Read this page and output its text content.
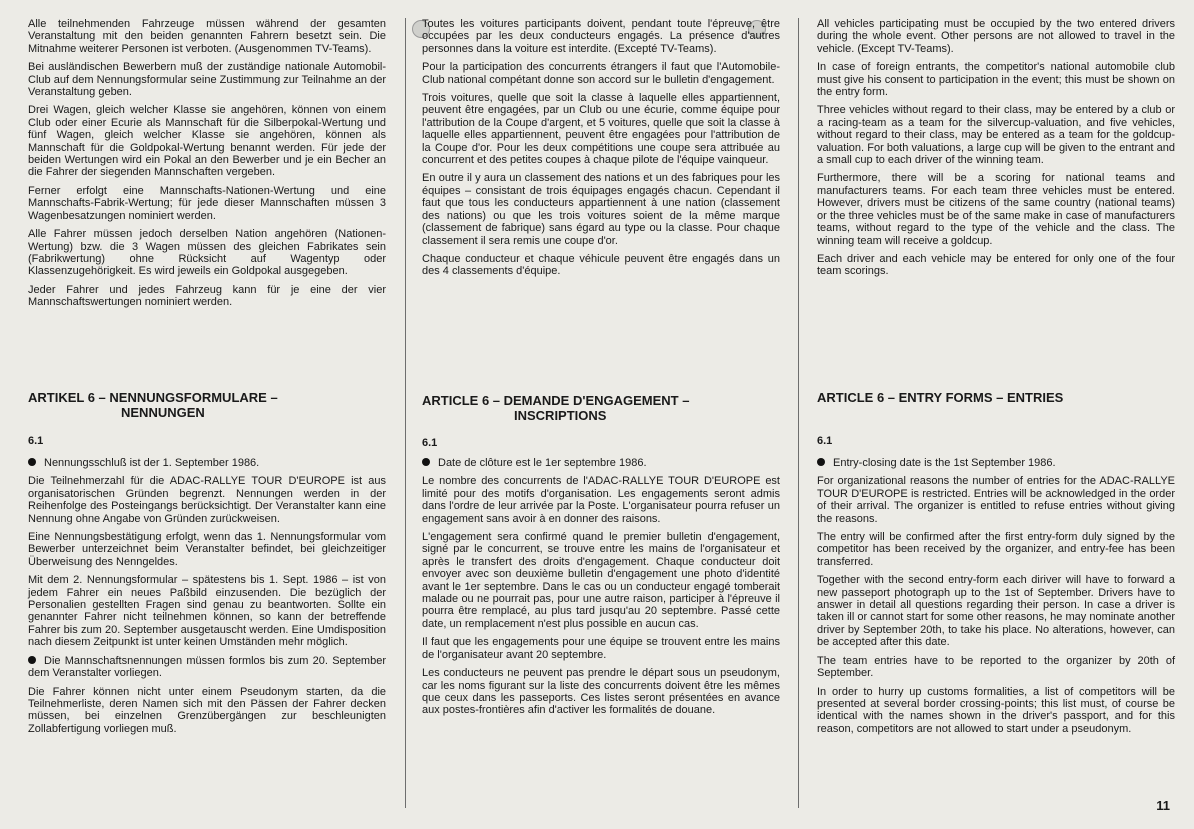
Alle teilnehmenden Fahrzeuge müssen während der gesamten Veranstaltung mit den beiden genannten Fahrern besetzt sein. Die Mitnahme weiterer Personen ist verboten. (Ausgenommen TV-Teams).

Bei ausländischen Bewerbern muß der zuständige nationale Automobil-Club auf dem Nennungsformular seine Zustimmung zur Teilnahme an der Veranstaltung geben.

Drei Wagen, gleich welcher Klasse sie angehören, können von einem Club oder einer Ecurie als Mannschaft für die Silberpokal-Wertung und fünf Wagen, gleich welcher Klasse sie angehören, können als Mannschaft für die Goldpokal-Wertung benannt werden. Für jede der beiden Wertungen wird ein Pokal an den Bewerber und je ein Becher an die Fahrer der siegenden Mannschaften vergeben.

Ferner erfolgt eine Mannschafts-Nationen-Wertung und eine Mannschafts-Fabrik-Wertung; für jede dieser Mannschaften müssen 3 Wagenbesatzungen nominiert werden.

Alle Fahrer müssen jedoch derselben Nation angehören (Nationen-Wertung) bzw. die 3 Wagen müssen des gleichen Fabrikates sein (Fabrikwertung) ohne Rücksicht auf Wagentyp oder Klassenzugehörigkeit. Es wird jeweils ein Goldpokal ausgegeben.

Jeder Fahrer und jedes Fahrzeug kann für je eine der vier Mannschaftswertungen nominiert werden.

ARTIKEL 6 – NENNUNGSFORMULARE –
NENNUNGEN
6.1

Nennungsschluß ist der 1. September 1986.

Die Teilnehmerzahl für die ADAC-RALLYE TOUR D'EUROPE ist aus organisatorischen Gründen begrenzt. Nennungen werden in der Reihenfolge des Posteingangs berücksichtigt. Der Veranstalter kann eine Nennung ohne Angabe von Gründen zurückweisen.

Eine Nennungsbestätigung erfolgt, wenn das 1. Nennungsformular vom Bewerber unterzeichnet beim Veranstalter befindet, bei gleichzeitiger Überweisung des Nenngeldes.

Mit dem 2. Nennungsformular – spätestens bis 1. Sept. 1986 – ist von jedem Fahrer ein neues Paßbild einzusenden. Die bezüglich der Personalien gestellten Fragen sind genau zu beantworten. Sollte ein genannter Fahrer nicht teilnehmen können, so kann der betreffende Fahrer bis zum 20. September ausgetauscht werden. Eine Umdisposition nach diesem Zeitpunkt ist unter keinen Umständen mehr möglich.

Die Mannschaftsnennungen müssen formlos bis zum 20. September dem Veranstalter vorliegen.

Die Fahrer können nicht unter einem Pseudonym starten, da die Teilnehmerliste, deren Namen sich mit den Pässen der Fahrer decken müssen, bei einzelnen Grenzübergängen zur beschleunigten Zollabfertigung vorliegen muß.

Toutes les voitures participants doivent, pendant toute l'épreuve, être occupées par les deux conducteurs engagés. La présence d'autres personnes dans la voiture est interdite. (Excepté TV-Teams).

Pour la participation des concurrents étrangers il faut que l'Automobile-Club national compétant donne son accord sur le bulletin d'engagement.

Trois voitures, quelle que soit la classe à laquelle elles appartiennent, peuvent être engagées, par un Club ou une écurie, comme équipe pour l'attribution de la Coupe d'argent, et 5 voitures, quelle que soit la classe à laquelle elles appartiennent, peuvent être engagées pour l'attribution de la Coupe d'or. Pour les deux compétitions une coupe sera attribuée au concurrent et des petites coupes à chaque pilote de l'équipe vainqueur.

En outre il y aura un classement des nations et un des fabriques pour les équipes – consistant de trois équipages engagés chacun. Cependant il faut que tous les conducteurs appartiennent à une nation (classement des nations) ou que les trois voitures soient de la même marque (classement de fabrique) sans égard au type ou la classe. Pour chaque classement il sera remis une coupe d'or.

Chaque conducteur et chaque véhicule peuvent être engagés dans un des 4 classements d'équipe.

ARTICLE 6 – DEMANDE D'ENGAGEMENT –
INSCRIPTIONS
6.1

Date de clôture est le 1er septembre 1986.

Le nombre des concurrents de l'ADAC-RALLYE TOUR D'EUROPE est limité pour des motifs d'organisation. Les engagements seront admis dans l'ordre de leur arrivée par la Poste. L'organisateur pourra refuser un engagement sans avoir à en donner des raisons.

L'engagement sera confirmé quand le premier bulletin d'engagement, signé par le concurrent, se trouve entre les mains de l'organisateur et après le transfert des droits d'engagement. Chaque conducteur doit envoyer avec son deuxième bulletin d'engagement une photo d'identité avant le 1er septembre. Dans le cas ou un conducteur engagé tomberait malade ou ne pourrait pas, pour une autre raison, participer à l'épreuve il pourra être remplacé, au plus tard jusqu'au 20 septembre. Passé cette date, un remplacement n'est plus possible en aucun cas.

Il faut que les engagements pour une équipe se trouvent entre les mains de l'organisateur avant 20 septembre.

Les conducteurs ne peuvent pas prendre le départ sous un pseudonym, car les noms figurant sur la liste des concurrents doivent être les mêmes que ceux dans les passeports. Ces listes seront présentées en avance aux postes-frontières afin d'activer les formalités de douane.

All vehicles participating must be occupied by the two entered drivers during the whole event. Other persons are not allowed to travel in the vehicle. (Except TV-Teams).

In case of foreign entrants, the competitor's national automobile club must give his consent to participation in the event; this must be shown on the entry form.

Three vehicles without regard to their class, may be entered by a club or a racing-team as a team for the silvercup-valuation, and five vehicles, without regard to their class, may be entered as a team for the goldcup-valuation. For both valuations, a large cup will be given to the entrant and a small cup to each driver of the winning team.

Furthermore, there will be a scoring for national teams and manufacturers teams. For each team three vehicles must be entered. However, drivers must be citizens of the same country (national teams) or the three vehicles must be of the same make in case of manufacturers teams, without regard to the type of the vehicle and the class. The winning team will receive a goldcup.

Each driver and each vehicle may be entered for only one of the four team scorings.

ARTICLE 6 – ENTRY FORMS – ENTRIES
6.1

Entry-closing date is the 1st September 1986.

For organizational reasons the number of entries for the ADAC-RALLYE TOUR D'EUROPE is restricted. Entries will be acknowledged in the order of their arrival. The organizer is entitled to refuse entries without giving the reasons.

The entry will be confirmed after the first entry-form duly signed by the competitor has been received by the organizer, and entry-fee has been transferred.

Together with the second entry-form each diriver will have to forward a new passeport photograph up to the 1st of September. Drivers have to answer in detail all questions regarding their person. In case a driver is taken ill or cannot start for some other reasons, he may nominate another driver by September 20th, to take his place. No alterations, however, can be accepted after this date.

The team entries have to be reported to the organizer by 20th of September.

In order to hurry up customs formalities, a list of competitors will be presented at several border crossing-points; this list must, of course be identical with the names shown in the driver's passport, and for this reason, competitors are not allowed to start under a pseudonym.

11
